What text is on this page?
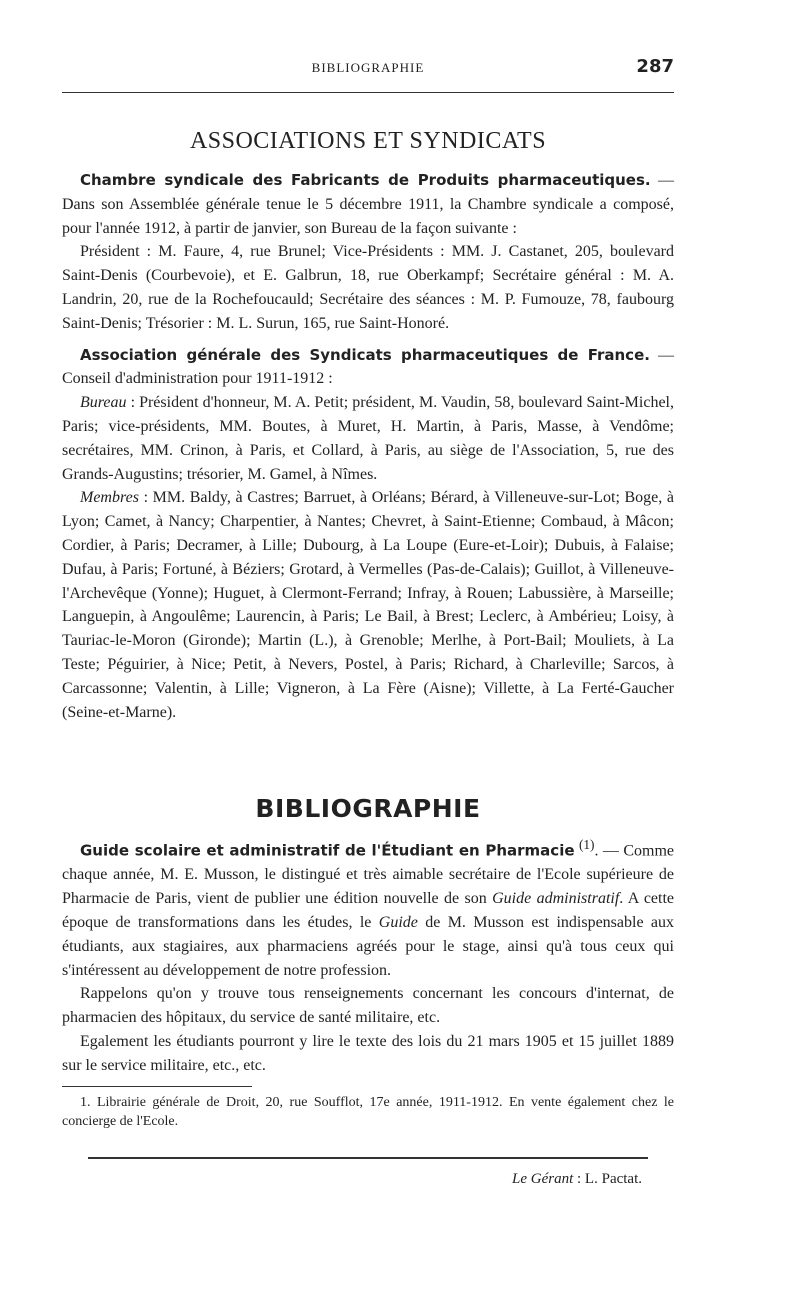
BIBLIOGRAPHIE	287
ASSOCIATIONS ET SYNDICATS

Chambre syndicale des Fabricants de Produits pharmaceutiques. — Dans son Assemblée générale tenue le 5 décembre 1911, la Chambre syndicale a composé, pour l'année 1912, à partir de janvier, son Bureau de la façon suivante :

Président : M. Faure, 4, rue Brunel; Vice-Présidents : MM. J. Castanet, 205, boulevard Saint-Denis (Courbevoie), et E. Galbrun, 18, rue Oberkampf; Secrétaire général : M. A. Landrin, 20, rue de la Rochefoucauld; Secrétaire des séances : M. P. Fumouze, 78, faubourg Saint-Denis; Trésorier : M. L. Surun, 165, rue Saint-Honoré.

Association générale des Syndicats pharmaceutiques de France. — Conseil d'administration pour 1911-1912 :

Bureau : Président d'honneur, M. A. Petit; président, M. Vaudin, 58, boulevard Saint-Michel, Paris; vice-présidents, MM. Boutes, à Muret, H. Martin, à Paris, Masse, à Vendôme; secrétaires, MM. Crinon, à Paris, et Collard, à Paris, au siège de l'Association, 5, rue des Grands-Augustins; trésorier, M. Gamel, à Nîmes.

Membres : MM. Baldy, à Castres; Barruet, à Orléans; Bérard, à Villeneuve-sur-Lot; Boge, à Lyon; Camet, à Nancy; Charpentier, à Nantes; Chevret, à Saint-Etienne; Combaud, à Mâcon; Cordier, à Paris; Decramer, à Lille; Dubourg, à La Loupe (Eure-et-Loir); Dubuis, à Falaise; Dufau, à Paris; Fortuné, à Béziers; Grotard, à Vermelles (Pas-de-Calais); Guillot, à Villeneuve-l'Archevêque (Yonne); Huguet, à Clermont-Ferrand; Infray, à Rouen; Labussière, à Marseille; Languepin, à Angoulême; Laurencin, à Paris; Le Bail, à Brest; Leclerc, à Ambérieu; Loisy, à Tauriac-le-Moron (Gironde); Martin (L.), à Grenoble; Merlhe, à Port-Bail; Mouliets, à La Teste; Péguirier, à Nice; Petit, à Nevers, Postel, à Paris; Richard, à Charleville; Sarcos, à Carcassonne; Valentin, à Lille; Vigneron, à La Fère (Aisne); Villette, à La Ferté-Gaucher (Seine-et-Marne).

BIBLIOGRAPHIE

Guide scolaire et administratif de l'Étudiant en Pharmacie $^{(1)}$. — Comme chaque année, M. E. Musson, le distingué et très aimable secrétaire de l'Ecole supérieure de Pharmacie de Paris, vient de publier une édition nouvelle de son Guide administratif. A cette époque de transformations dans les études, le Guide de M. Musson est indispensable aux étudiants, aux stagiaires, aux pharmaciens agréés pour le stage, ainsi qu'à tous ceux qui s'intéressent au développement de notre profession.

Rappelons qu'on y trouve tous renseignements concernant les concours d'internat, de pharmacien des hôpitaux, du service de santé militaire, etc.

Egalement les étudiants pourront y lire le texte des lois du 21 mars 1905 et 15 juillet 1889 sur le service militaire, etc., etc.

1. Librairie générale de Droit, 20, rue Soufflot, 17e année, 1911-1912. En vente également chez le concierge de l'Ecole.
Le Gérant : L. Pactat.
